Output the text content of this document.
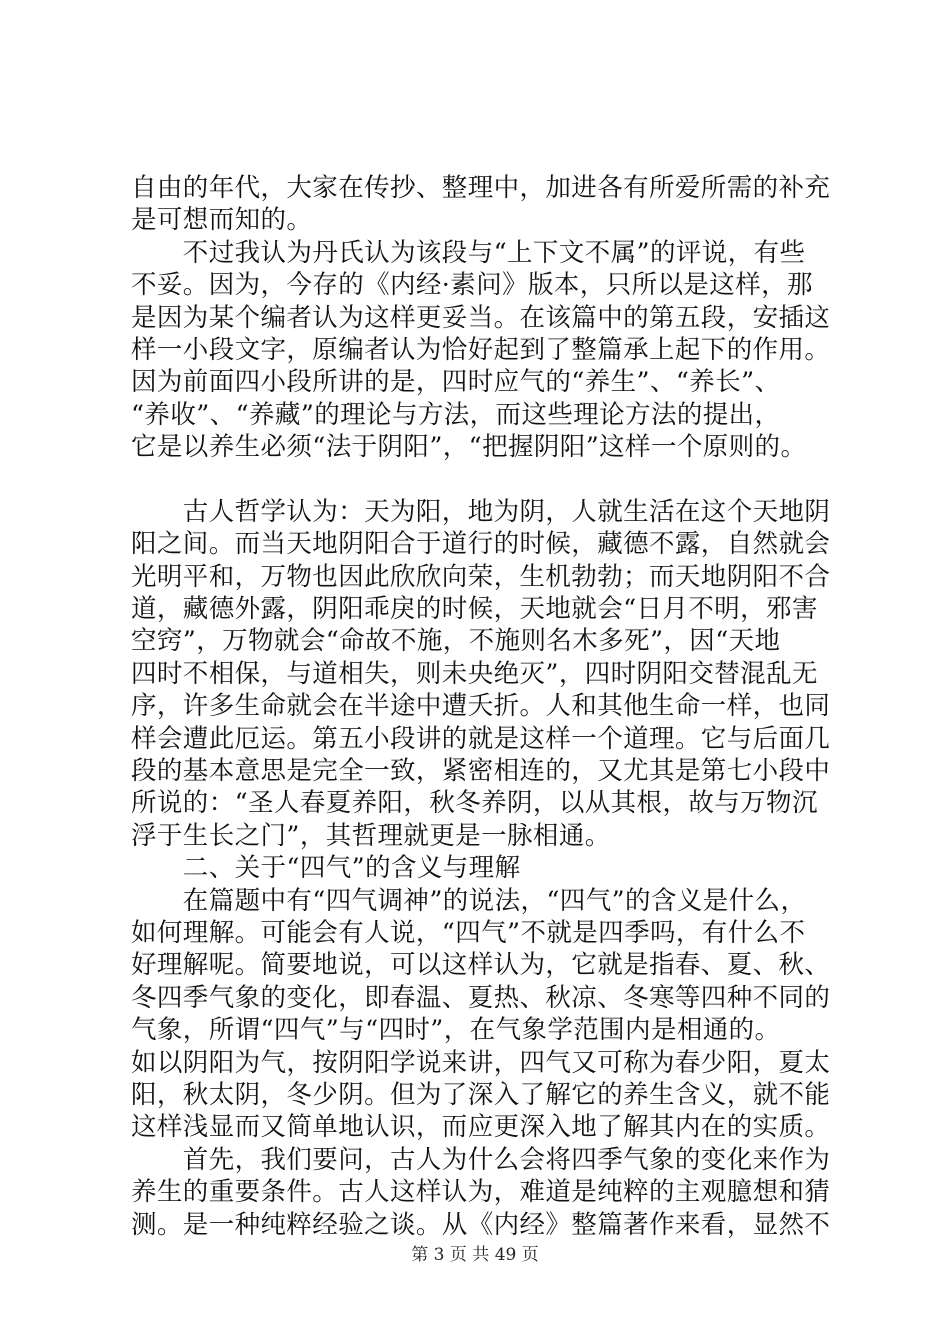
自由的年代，大家在传抄、整理中，加进各有所爱所需的补充
是可想而知的。
　　不过我认为丹氏认为该段与“上下文不属”的评说，有些
不妥。因为，今存的《内经·素问》版本，只所以是这样，那
是因为某个编者认为这样更妥当。在该篇中的第五段，安插这
样一小段文字，原编者认为恰好起到了整篇承上起下的作用。
因为前面四小段所讲的是，四时应气的“养生”、“养长”、
“养收”、“养藏”的理论与方法，而这些理论方法的提出，
它是以养生必须“法于阴阳”，“把握阴阳”这样一个原则的。
　　古人哲学认为：天为阳，地为阴，人就生活在这个天地阴
阳之间。而当天地阴阳合于道行的时候，藏德不露，自然就会
光明平和，万物也因此欣欣向荣，生机勃勃；而天地阴阳不合
道，藏德外露，阴阳乖戾的时候，天地就会“日月不明，邪害
空窍”，万物就会“命故不施，不施则名木多死”，因“天地
四时不相保，与道相失，则未央绝灭”，四时阴阳交替混乱无
序，许多生命就会在半途中遭夭折。人和其他生命一样，也同
样会遭此厄运。第五小段讲的就是这样一个道理。它与后面几
段的基本意思是完全一致，紧密相连的，又尤其是第七小段中
所说的：“圣人春夏养阳，秋冬养阴，以从其根，故与万物沉
浮于生长之门”，其哲理就更是一脉相通。
　　二、关于“四气”的含义与理解
　　在篇题中有“四气调神”的说法，“四气”的含义是什么，
如何理解。可能会有人说，“四气”不就是四季吗，有什么不
好理解呢。简要地说，可以这样认为，它就是指春、夏、秋、
冬四季气象的变化，即春温、夏热、秋凉、冬寒等四种不同的
气象，所谓“四气”与“四时”，在气象学范围内是相通的。
如以阴阳为气，按阴阳学说来讲，四气又可称为春少阳，夏太
阳，秋太阴，冬少阴。但为了深入了解它的养生含义，就不能
这样浅显而又简单地认识，而应更深入地了解其内在的实质。
　　首先，我们要问，古人为什么会将四季气象的变化来作为
养生的重要条件。古人这样认为，难道是纯粹的主观臆想和猜
测。是一种纯粹经验之谈。从《内经》整篇著作来看，显然不
第 3 页 共 49 页
